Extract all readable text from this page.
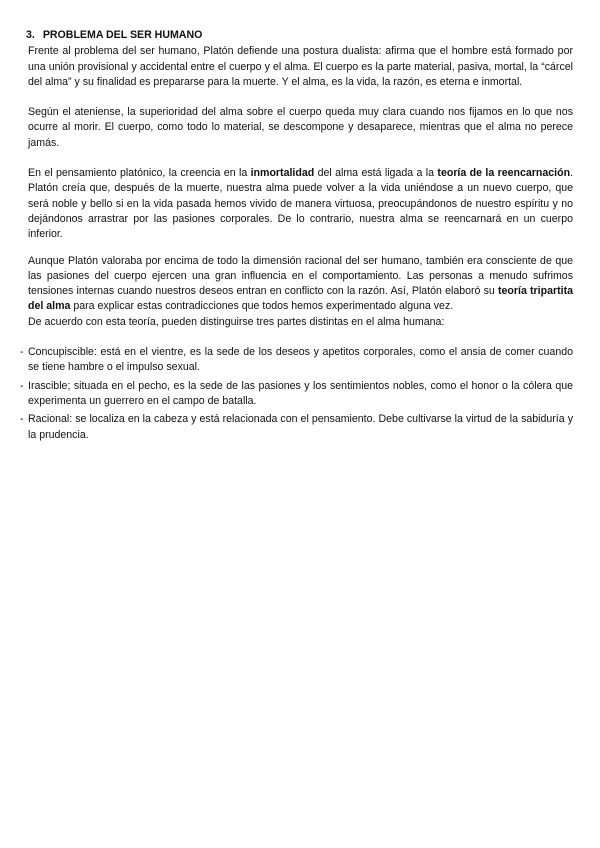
3. PROBLEMA DEL SER HUMANO

Frente al problema del ser humano, Platón defiende una postura dualista: afirma que el hombre está formado por una unión provisional y accidental entre el cuerpo y el alma. El cuerpo es la parte material, pasiva, mortal, la “cárcel del alma” y su finalidad es prepararse para la muerte. Y el alma, es la vida, la razón, es eterna e inmortal.

Según el ateniense, la superioridad del alma sobre el cuerpo queda muy clara cuando nos fijamos en lo que nos ocurre al morir. El cuerpo, como todo lo material, se descompone y desaparece, mientras que el alma no perece jamás.

En el pensamiento platónico, la creencia en la inmortalidad del alma está ligada a la teoría de la reencarnación. Platón creía que, después de la muerte, nuestra alma puede volver a la vida uniéndose a un nuevo cuerpo, que será noble y bello si en la vida pasada hemos vivido de manera virtuosa, preocupándonos de nuestro espíritu y no dejándonos arrastrar por las pasiones corporales. De lo contrario, nuestra alma se reencarnará en un cuerpo inferior.

Aunque Platón valoraba por encima de todo la dimensión racional del ser humano, también era consciente de que las pasiones del cuerpo ejercen una gran influencia en el comportamiento. Las personas a menudo sufrimos tensiones internas cuando nuestros deseos entran en conflicto con la razón. Así, Platón elaboró su teoría tripartita del alma para explicar estas contradicciones que todos hemos experimentado alguna vez.

De acuerdo con esta teoría, pueden distinguirse tres partes distintas en el alma humana:

- Concupiscible: está en el vientre, es la sede de los deseos y apetitos corporales, como el ansia de comer cuando se tiene hambre o el impulso sexual.
- Irascible; situada en el pecho, es la sede de las pasiones y los sentimientos nobles, como el honor o la cólera que experimenta un guerrero en el campo de batalla.
- Racional: se localiza en la cabeza y está relacionada con el pensamiento. Debe cultivarse la virtud de la sabiduría y la prudencia.
